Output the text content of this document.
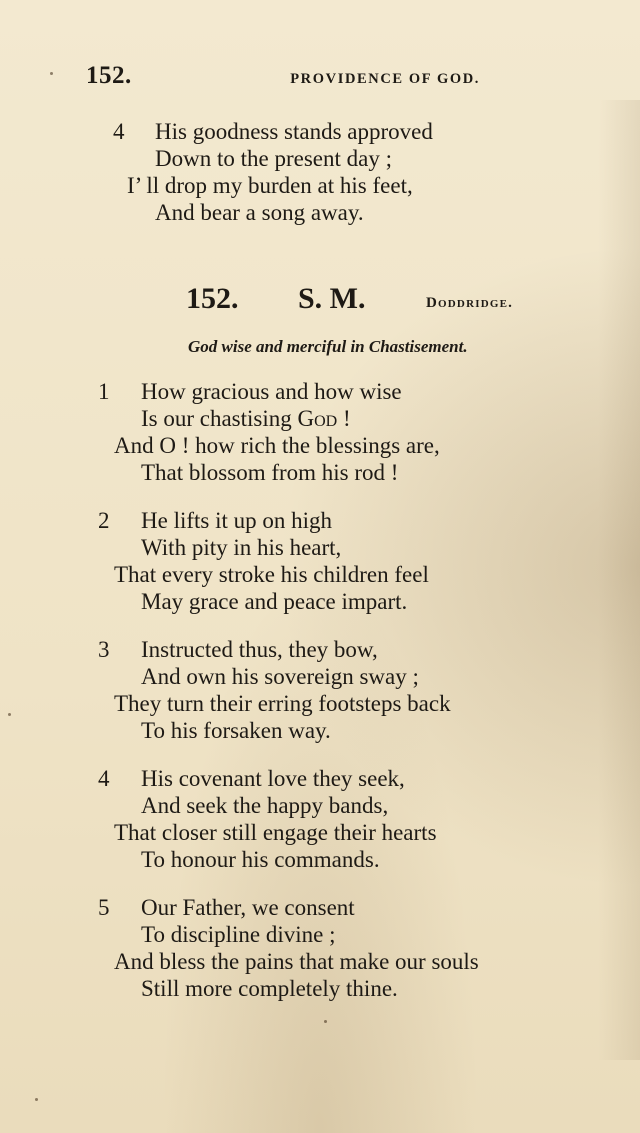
152.	PROVIDENCE OF GOD.
4 His goodness stands approved
Down to the present day ;
I’ ll drop my burden at his feet,
And bear a song away.
152. S. M.	Doddridge.
God wise and merciful in Chastisement.
1 How gracious and how wise
Is our chastising God !
And O ! how rich the blessings are,
That blossom from his rod !
2 He lifts it up on high
With pity in his heart,
That every stroke his children feel
May grace and peace impart.
3 Instructed thus, they bow,
And own his sovereign sway ;
They turn their erring footsteps back
To his forsaken way.
4 His covenant love they seek,
And seek the happy bands,
That closer still engage their hearts
To honour his commands.
5 Our Father, we consent
To discipline divine ;
And bless the pains that make our souls
Still more completely thine.
